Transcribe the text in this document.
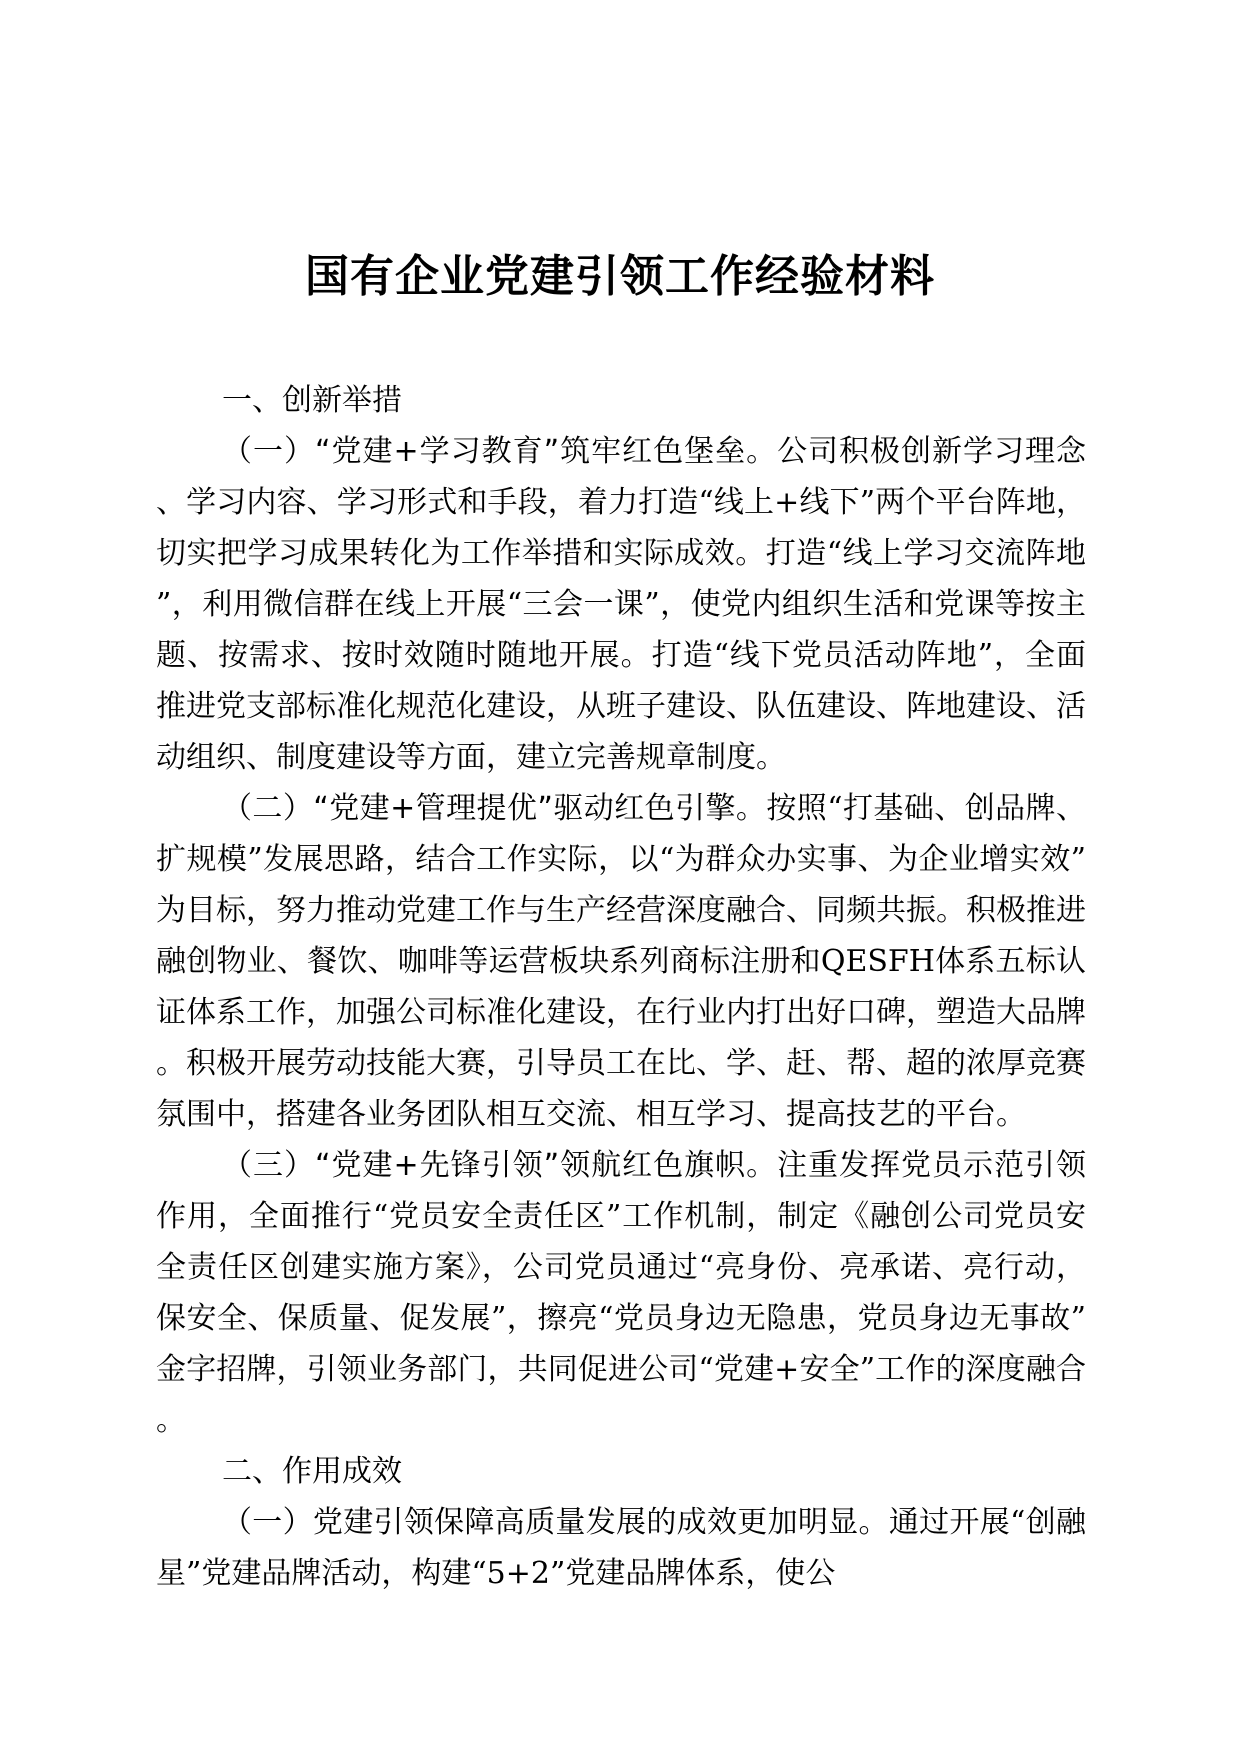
国有企业党建引领工作经验材料
一、创新举措

（一）“党建+学习教育”筑牢红色堡垒。公司积极创新学习理念、学习内容、学习形式和手段，着力打造“线上+线下”两个平台阵地，切实把学习成果转化为工作举措和实际成效。打造“线上学习交流阵地”，利用微信群在线上开展“三会一课”，使党内组织生活和党课等按主题、按需求、按时效随时随地开展。打造“线下党员活动阵地”，全面推进党支部标准化规范化建设，从班子建设、队伍建设、阵地建设、活动组织、制度建设等方面，建立完善规章制度。

（二）“党建+管理提优”驱动红色引擎。按照“打基础、创品牌、扩规模”发展思路，结合工作实际，以“为群众办实事、为企业增实效”为目标，努力推动党建工作与生产经营深度融合、同频共振。积极推进融创物业、餐饮、咖啡等运营板块系列商标注册和QESFH体系五标认证体系工作，加强公司标准化建设，在行业内打出好口碑，塑造大品牌。积极开展劳动技能大赛，引导员工在比、学、赶、帮、超的浓厚竞赛氛围中，搭建各业务团队相互交流、相互学习、提高技艺的平台。

（三）“党建+先锋引领”领航红色旗帜。注重发挥党员示范引领作用，全面推行“党员安全责任区”工作机制，制定《融创公司党员安全责任区创建实施方案》，公司党员通过“亮身份、亮承诺、亮行动，保安全、保质量、促发展”，擦亮“党员身边无隐患，党员身边无事故”金字招牌，引领业务部门，共同促进公司“党建+安全”工作的深度融合。

二、作用成效

（一）党建引领保障高质量发展的成效更加明显。通过开展“创融星”党建品牌活动，构建“5+2”党建品牌体系，使公
